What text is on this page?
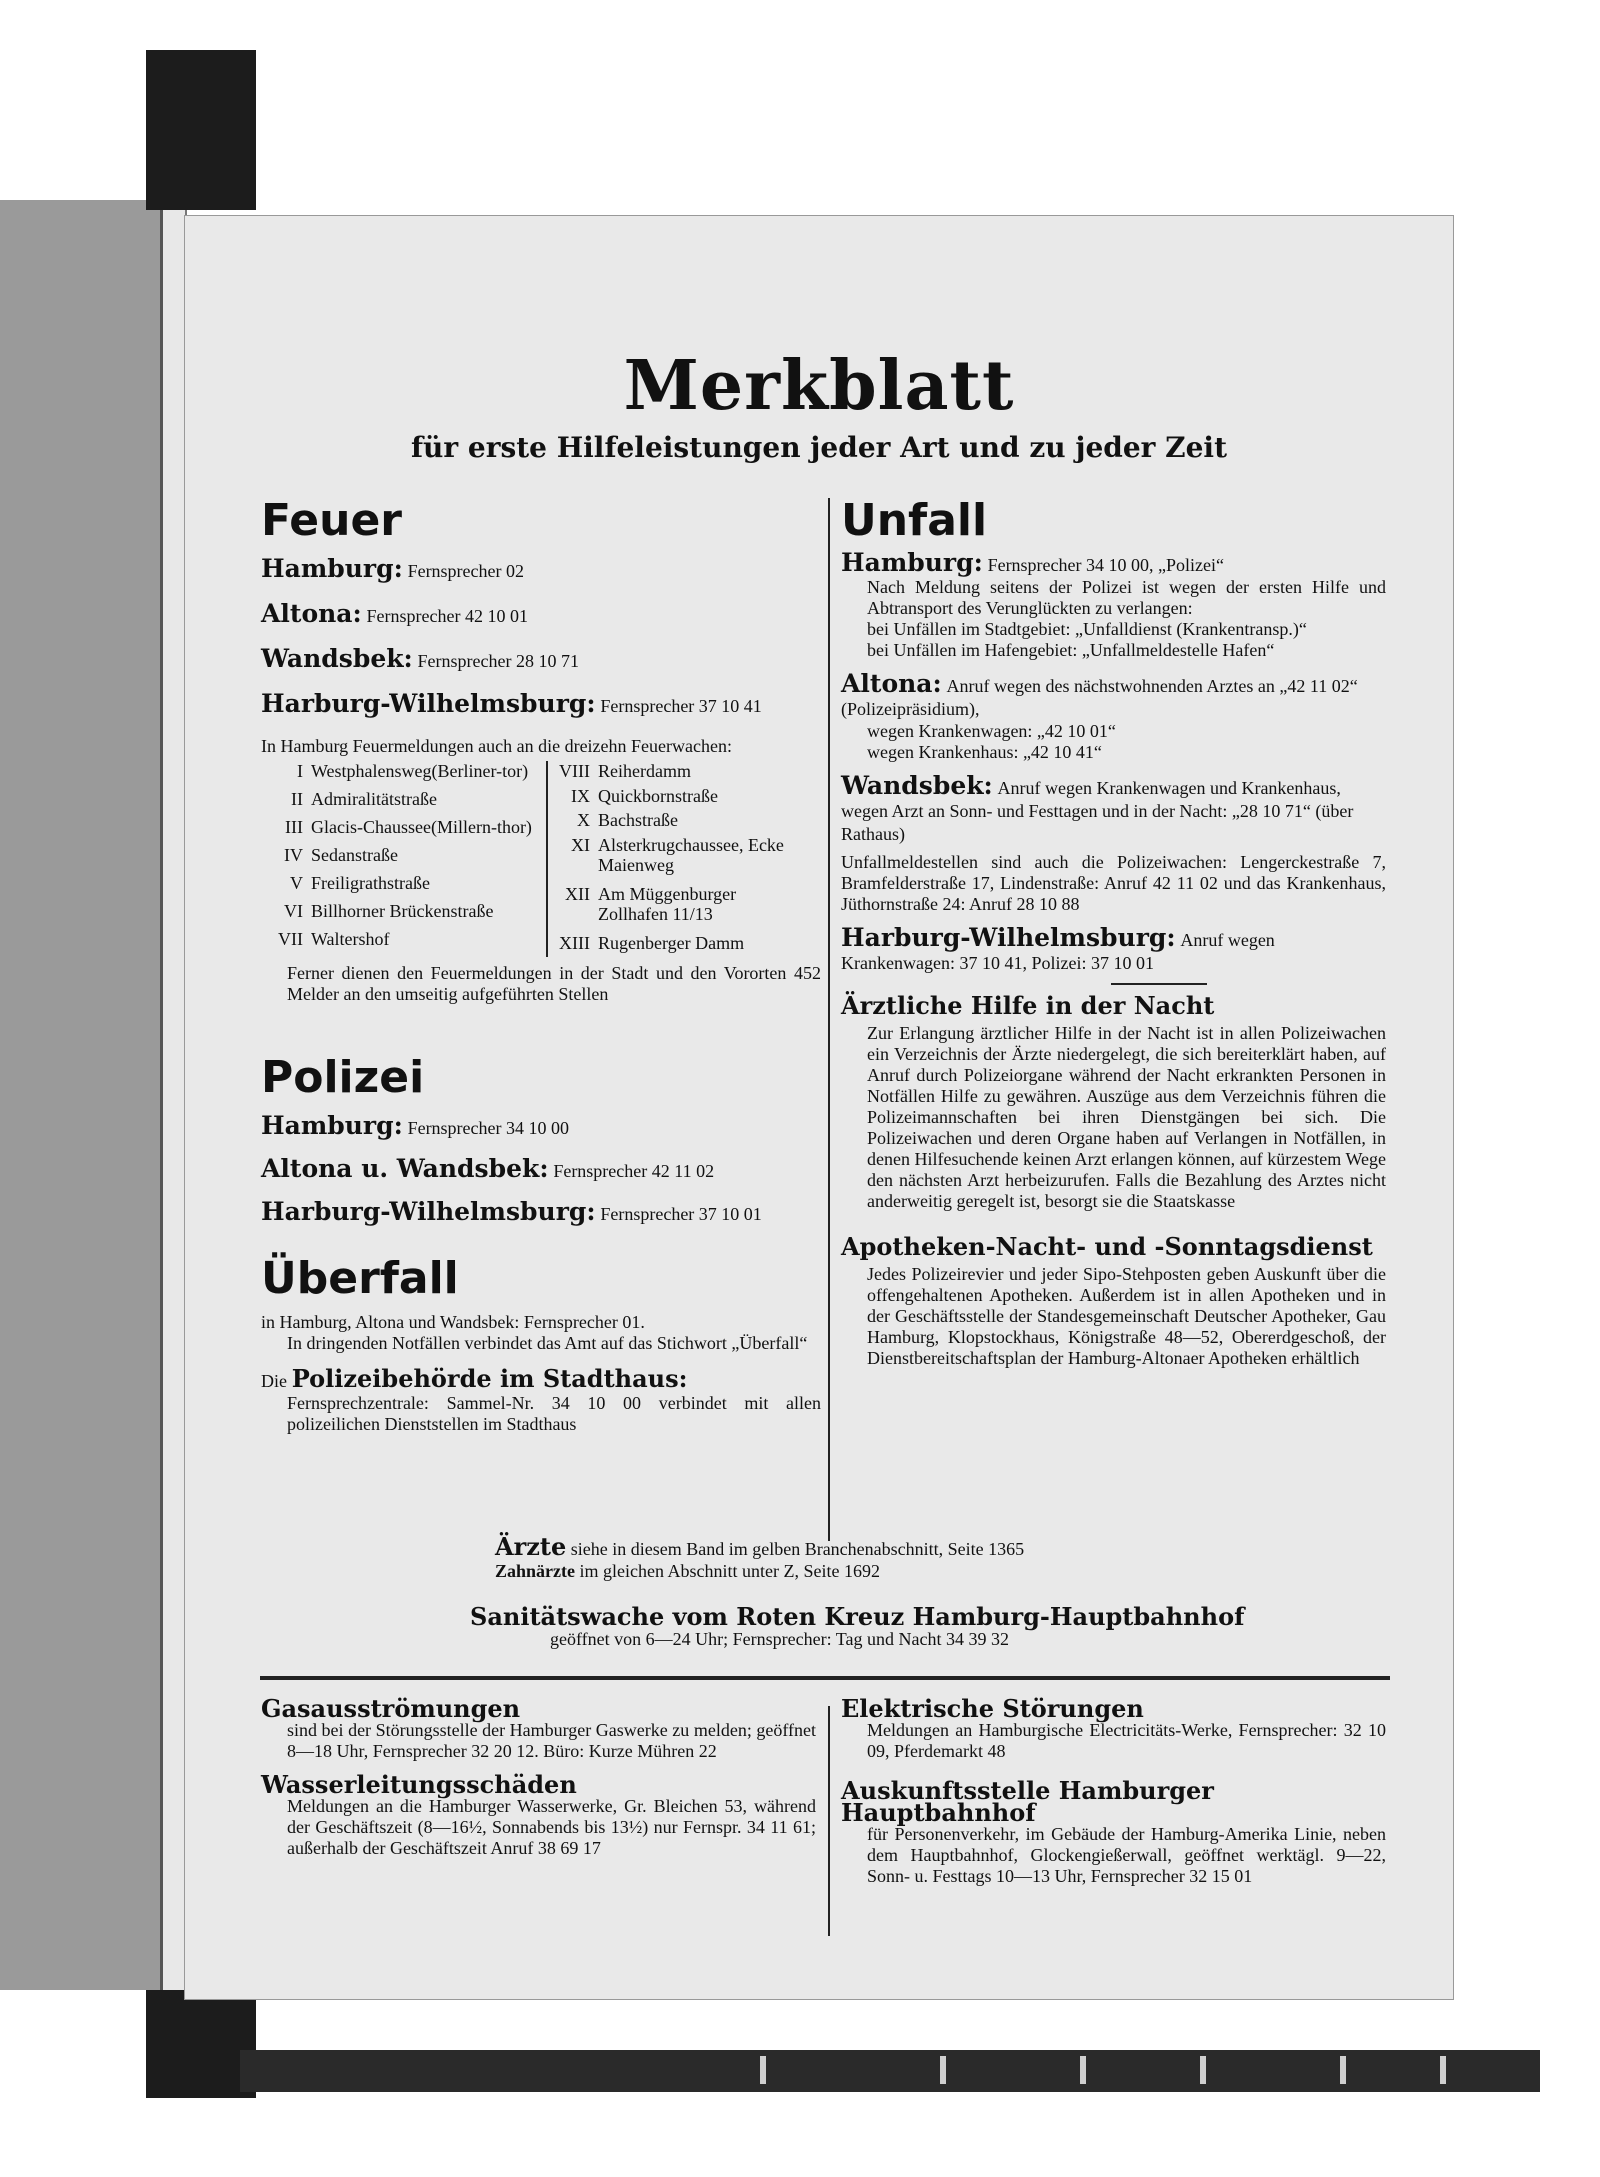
Merkblatt
für erste Hilfeleistungen jeder Art und zu jeder Zeit
Feuer

Hamburg: Fernsprecher 02

Altona: Fernsprecher 42 10 01

Wandsbek: Fernsprecher 28 10 71

Harburg-Wilhelmsburg: Fernsprecher 37 10 41

In Hamburg Feuermeldungen auch an die dreizehn Feuerwachen:
I	Westphalensweg(Berliner-tor)
II	Admiralitätstraße
III	Glacis-Chaussee(Millern-thor)
IV	Sedanstraße
V	Freiligrathstraße
VI	Billhorner Brückenstraße
VII	Waltershof
VIII	Reiherdamm
IX	Quickbornstraße
X	Bachstraße
XI	Alsterkrugchaussee, Ecke Maienweg
XII	Am Müggenburger Zollhafen 11/13
XIII	Rugenberger Damm
Ferner dienen den Feuermeldungen in der Stadt und den Vororten 452 Melder an den umseitig aufgeführten Stellen
Polizei

Hamburg: Fernsprecher 34 10 00

Altona u. Wandsbek: Fernsprecher 42 11 02

Harburg-Wilhelmsburg: Fernsprecher 37 10 01

Überfall
in Hamburg, Altona und Wandsbek: Fernsprecher 01.
In dringenden Notfällen verbindet das Amt auf das Stichwort „Überfall“
Die Polizeibehörde im Stadthaus:
Fernsprechzentrale: Sammel-Nr. 34 10 00 verbindet mit allen polizeilichen Dienststellen im Stadthaus
Unfall

Hamburg: Fernsprecher 34 10 00, „Polizei“

Nach Meldung seitens der Polizei ist wegen der ersten Hilfe und Abtransport des Verunglückten zu verlangen:
bei Unfällen im Stadtgebiet: „Unfalldienst (Krankentransp.)“
bei Unfällen im Hafengebiet: „Unfallmeldestelle Hafen“

Altona: Anruf wegen des nächstwohnenden Arztes an „42 11 02“ (Polizeipräsidium),

wegen Krankenwagen: „42 10 01“
wegen Krankenhaus: „42 10 41“

Wandsbek: Anruf wegen Krankenwagen und Krankenhaus, wegen Arzt an Sonn- und Festtagen und in der Nacht: „28 10 71“ (über Rathaus)

Unfallmeldestellen sind auch die Polizeiwachen: Lengerckestraße 7, Bramfelderstraße 17, Lindenstraße: Anruf 42 11 02 und das Krankenhaus, Jüthornstraße 24: Anruf 28 10 88

Harburg-Wilhelmsburg: Anruf wegen Krankenwagen: 37 10 41, Polizei: 37 10 01

Ärztliche Hilfe in der Nacht
Zur Erlangung ärztlicher Hilfe in der Nacht ist in allen Polizeiwachen ein Verzeichnis der Ärzte niedergelegt, die sich bereiterklärt haben, auf Anruf durch Polizeiorgane während der Nacht erkrankten Personen in Notfällen Hilfe zu gewähren. Auszüge aus dem Verzeichnis führen die Polizeimannschaften bei ihren Dienstgängen bei sich. Die Polizeiwachen und deren Organe haben auf Verlangen in Notfällen, in denen Hilfesuchende keinen Arzt erlangen können, auf kürzestem Wege den nächsten Arzt herbeizurufen. Falls die Bezahlung des Arztes nicht anderweitig geregelt ist, besorgt sie die Staatskasse
Apotheken-Nacht- und -Sonntagsdienst
Jedes Polizeirevier und jeder Sipo-Stehposten geben Auskunft über die offengehaltenen Apotheken. Außerdem ist in allen Apotheken und in der Geschäftsstelle der Standesgemeinschaft Deutscher Apotheker, Gau Hamburg, Klopstockhaus, Königstraße 48—52, Obererdgeschoß, der Dienstbereitschaftsplan der Hamburg-Altonaer Apotheken erhältlich
Ärzte siehe in diesem Band im gelben Branchenabschnitt, Seite 1365
Zahnärzte im gleichen Abschnitt unter Z, Seite 1692
Sanitätswache vom Roten Kreuz Hamburg-Hauptbahnhof
geöffnet von 6—24 Uhr; Fernsprecher: Tag und Nacht 34 39 32
Gasausströmungen
sind bei der Störungsstelle der Hamburger Gaswerke zu melden; geöffnet 8—18 Uhr, Fernsprecher 32 20 12. Büro: Kurze Mühren 22
Wasserleitungsschäden
Meldungen an die Hamburger Wasserwerke, Gr. Bleichen 53, während der Geschäftszeit (8—16½, Sonnabends bis 13½) nur Fernspr. 34 11 61; außerhalb der Geschäftszeit Anruf 38 69 17
Elektrische Störungen
Meldungen an Hamburgische Electricitäts-Werke, Fernsprecher: 32 10 09, Pferdemarkt 48
Auskunftsstelle Hamburger Hauptbahnhof
für Personenverkehr, im Gebäude der Hamburg-Amerika Linie, neben dem Hauptbahnhof, Glockengießerwall, geöffnet werktägl. 9—22, Sonn- u. Festtags 10—13 Uhr, Fernsprecher 32 15 01
